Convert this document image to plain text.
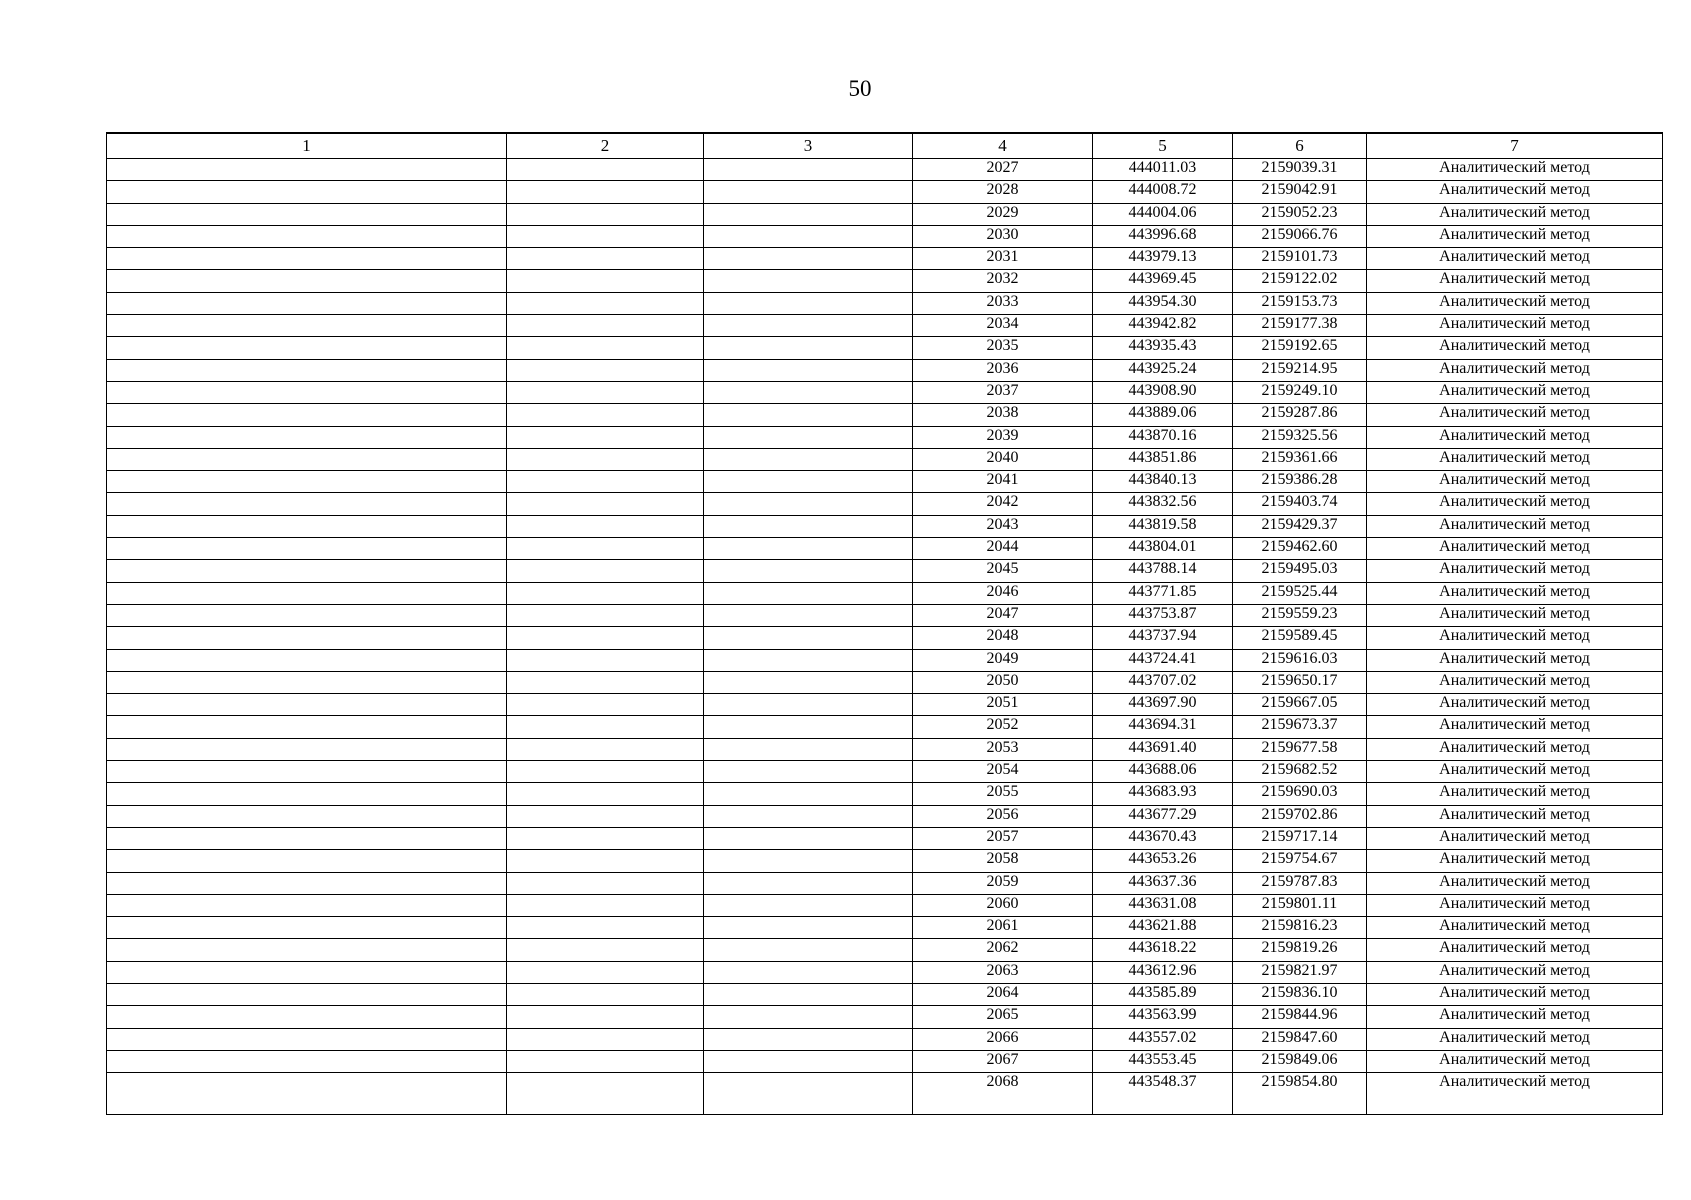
50
1	2	3	4	5	6	7
			2027	444011.03	2159039.31	Аналитический метод
			2028	444008.72	2159042.91	Аналитический метод
			2029	444004.06	2159052.23	Аналитический метод
			2030	443996.68	2159066.76	Аналитический метод
			2031	443979.13	2159101.73	Аналитический метод
			2032	443969.45	2159122.02	Аналитический метод
			2033	443954.30	2159153.73	Аналитический метод
			2034	443942.82	2159177.38	Аналитический метод
			2035	443935.43	2159192.65	Аналитический метод
			2036	443925.24	2159214.95	Аналитический метод
			2037	443908.90	2159249.10	Аналитический метод
			2038	443889.06	2159287.86	Аналитический метод
			2039	443870.16	2159325.56	Аналитический метод
			2040	443851.86	2159361.66	Аналитический метод
			2041	443840.13	2159386.28	Аналитический метод
			2042	443832.56	2159403.74	Аналитический метод
			2043	443819.58	2159429.37	Аналитический метод
			2044	443804.01	2159462.60	Аналитический метод
			2045	443788.14	2159495.03	Аналитический метод
			2046	443771.85	2159525.44	Аналитический метод
			2047	443753.87	2159559.23	Аналитический метод
			2048	443737.94	2159589.45	Аналитический метод
			2049	443724.41	2159616.03	Аналитический метод
			2050	443707.02	2159650.17	Аналитический метод
			2051	443697.90	2159667.05	Аналитический метод
			2052	443694.31	2159673.37	Аналитический метод
			2053	443691.40	2159677.58	Аналитический метод
			2054	443688.06	2159682.52	Аналитический метод
			2055	443683.93	2159690.03	Аналитический метод
			2056	443677.29	2159702.86	Аналитический метод
			2057	443670.43	2159717.14	Аналитический метод
			2058	443653.26	2159754.67	Аналитический метод
			2059	443637.36	2159787.83	Аналитический метод
			2060	443631.08	2159801.11	Аналитический метод
			2061	443621.88	2159816.23	Аналитический метод
			2062	443618.22	2159819.26	Аналитический метод
			2063	443612.96	2159821.97	Аналитический метод
			2064	443585.89	2159836.10	Аналитический метод
			2065	443563.99	2159844.96	Аналитический метод
			2066	443557.02	2159847.60	Аналитический метод
			2067	443553.45	2159849.06	Аналитический метод
			2068	443548.37	2159854.80	Аналитический метод
